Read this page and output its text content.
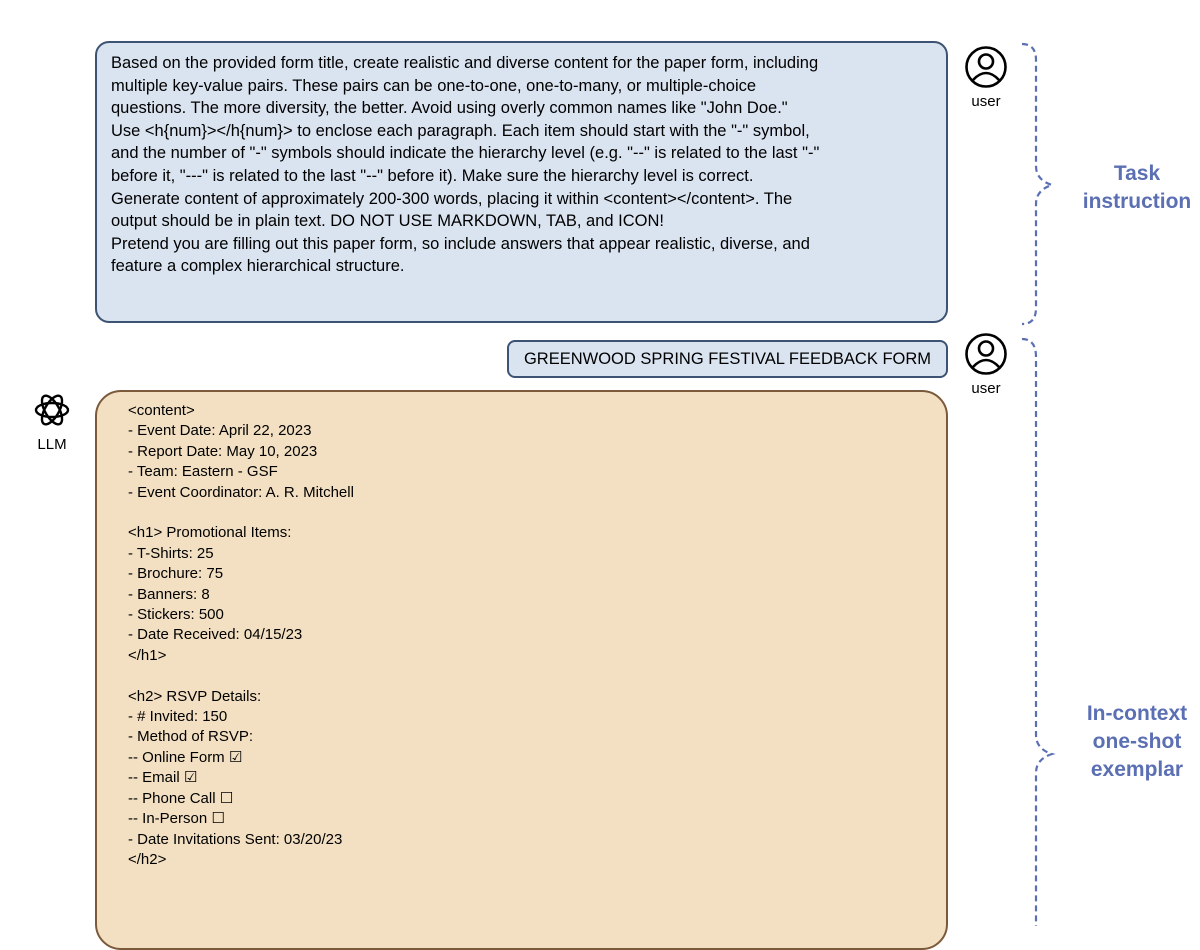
Based on the provided form title, create realistic and diverse content for the paper form, including
multiple key-value pairs. These pairs can be one-to-one, one-to-many, or multiple-choice
questions. The more diversity, the better. Avoid using overly common names like "John Doe."
Use <h{num}></h{num}> to enclose each paragraph. Each item should start with the "-" symbol,
and the number of "-" symbols should indicate the hierarchy level (e.g. "--" is related to the last "-"
before it, "---" is related to the last "--" before it). Make sure the hierarchy level is correct.
Generate content of approximately 200-300 words, placing it within <content></content>. The
output should be in plain text. DO NOT USE MARKDOWN, TAB, and ICON!
Pretend you are filling out this paper form, so include answers that appear realistic, diverse, and
feature a complex hierarchical structure.
GREENWOOD SPRING FESTIVAL FEEDBACK FORM
<content>
- Event Date: April 22, 2023
- Report Date: May 10, 2023
- Team: Eastern - GSF
- Event Coordinator: A. R. Mitchell
<h1> Promotional Items:
- T-Shirts: 25
- Brochure: 75
- Banners: 8
- Stickers: 500
- Date Received: 04/15/23
</h1>
<h2> RSVP Details:
- # Invited: 150
- Method of RSVP:
-- Online Form ☑
-- Email ☑
-- Phone Call ☐
-- In-Person ☐
- Date Invitations Sent: 03/20/23
</h2>
user
user
LLM
Task
instruction
In-context
one-shot
exemplar
